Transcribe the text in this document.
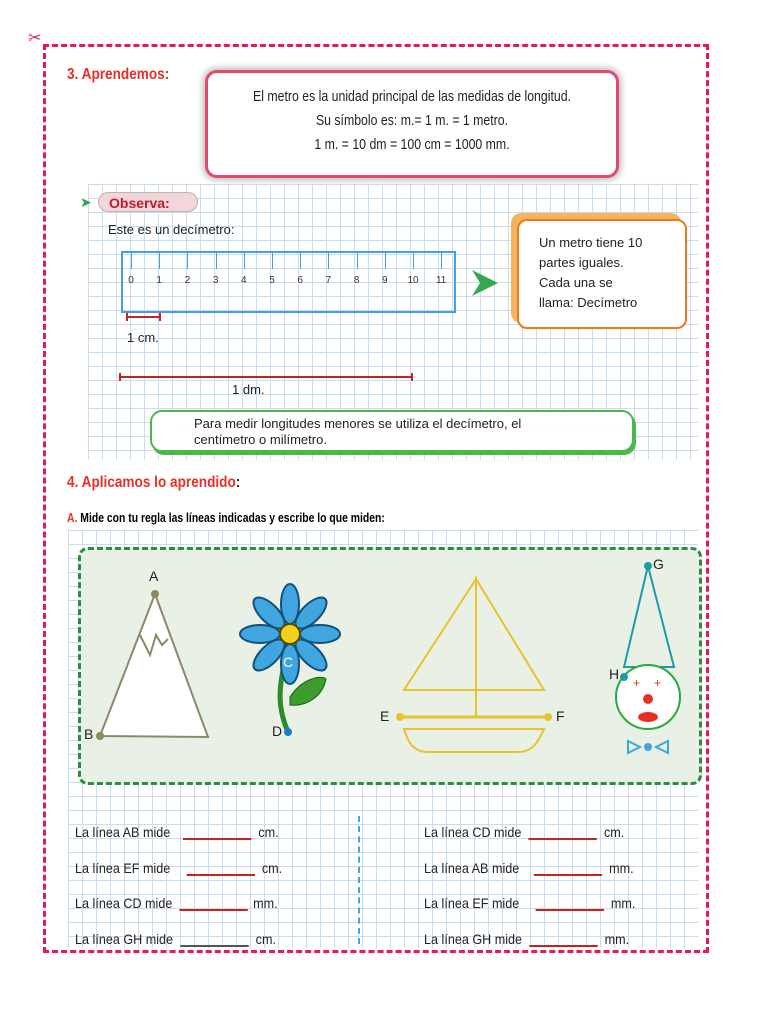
✂
3. Aprendemos:
El metro es la unidad principal de las medidas de longitud.
Su símbolo es: m.= 1 m. = 1 metro.
1 m. = 10 dm = 100 cm = 1000 mm.
➤	Observa:
Este es un decímetro:
0	1	2	3	4	5	6	7	8	9	10	11
Un metro tiene 10
partes iguales.
Cada una se
llama: Decímetro
1 cm.
1 dm.
Para medir longitudes menores se utiliza el decímetro, el
centímetro o milímetro.
4. Aplicamos lo aprendido:
A. Mide con tu regla las líneas indicadas y escribe lo que miden:
+ +
A
B
C
D
E	F
G
H
La línea AB mide	cm.
La línea EF mide	cm.
La línea CD mide	mm.
La línea GH mide	cm.
La línea CD mide	cm.
La línea AB mide	mm.
La línea EF mide	mm.
La línea GH mide	mm.
